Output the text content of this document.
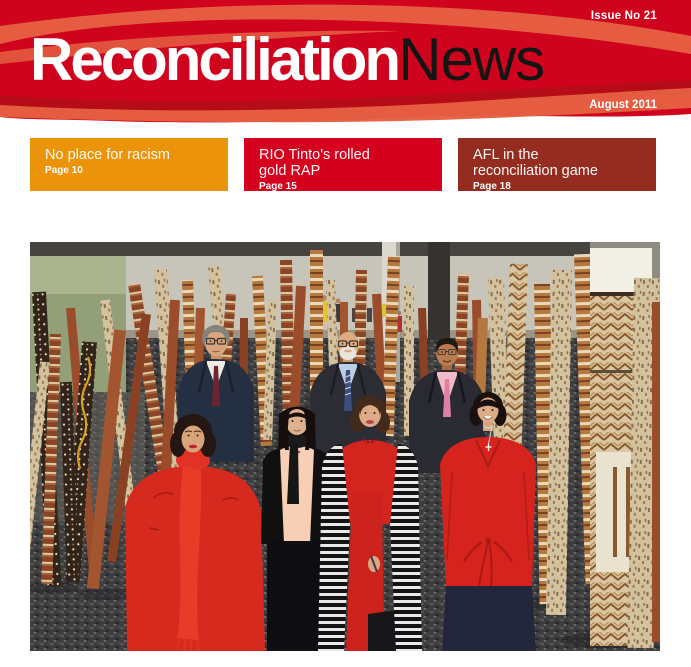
Issue No 21
ReconciliationNews
August 2011
No place for racism
Page 10
RIO Tinto's rolled gold RAP
Page 15
AFL in the reconciliation game
Page 18
